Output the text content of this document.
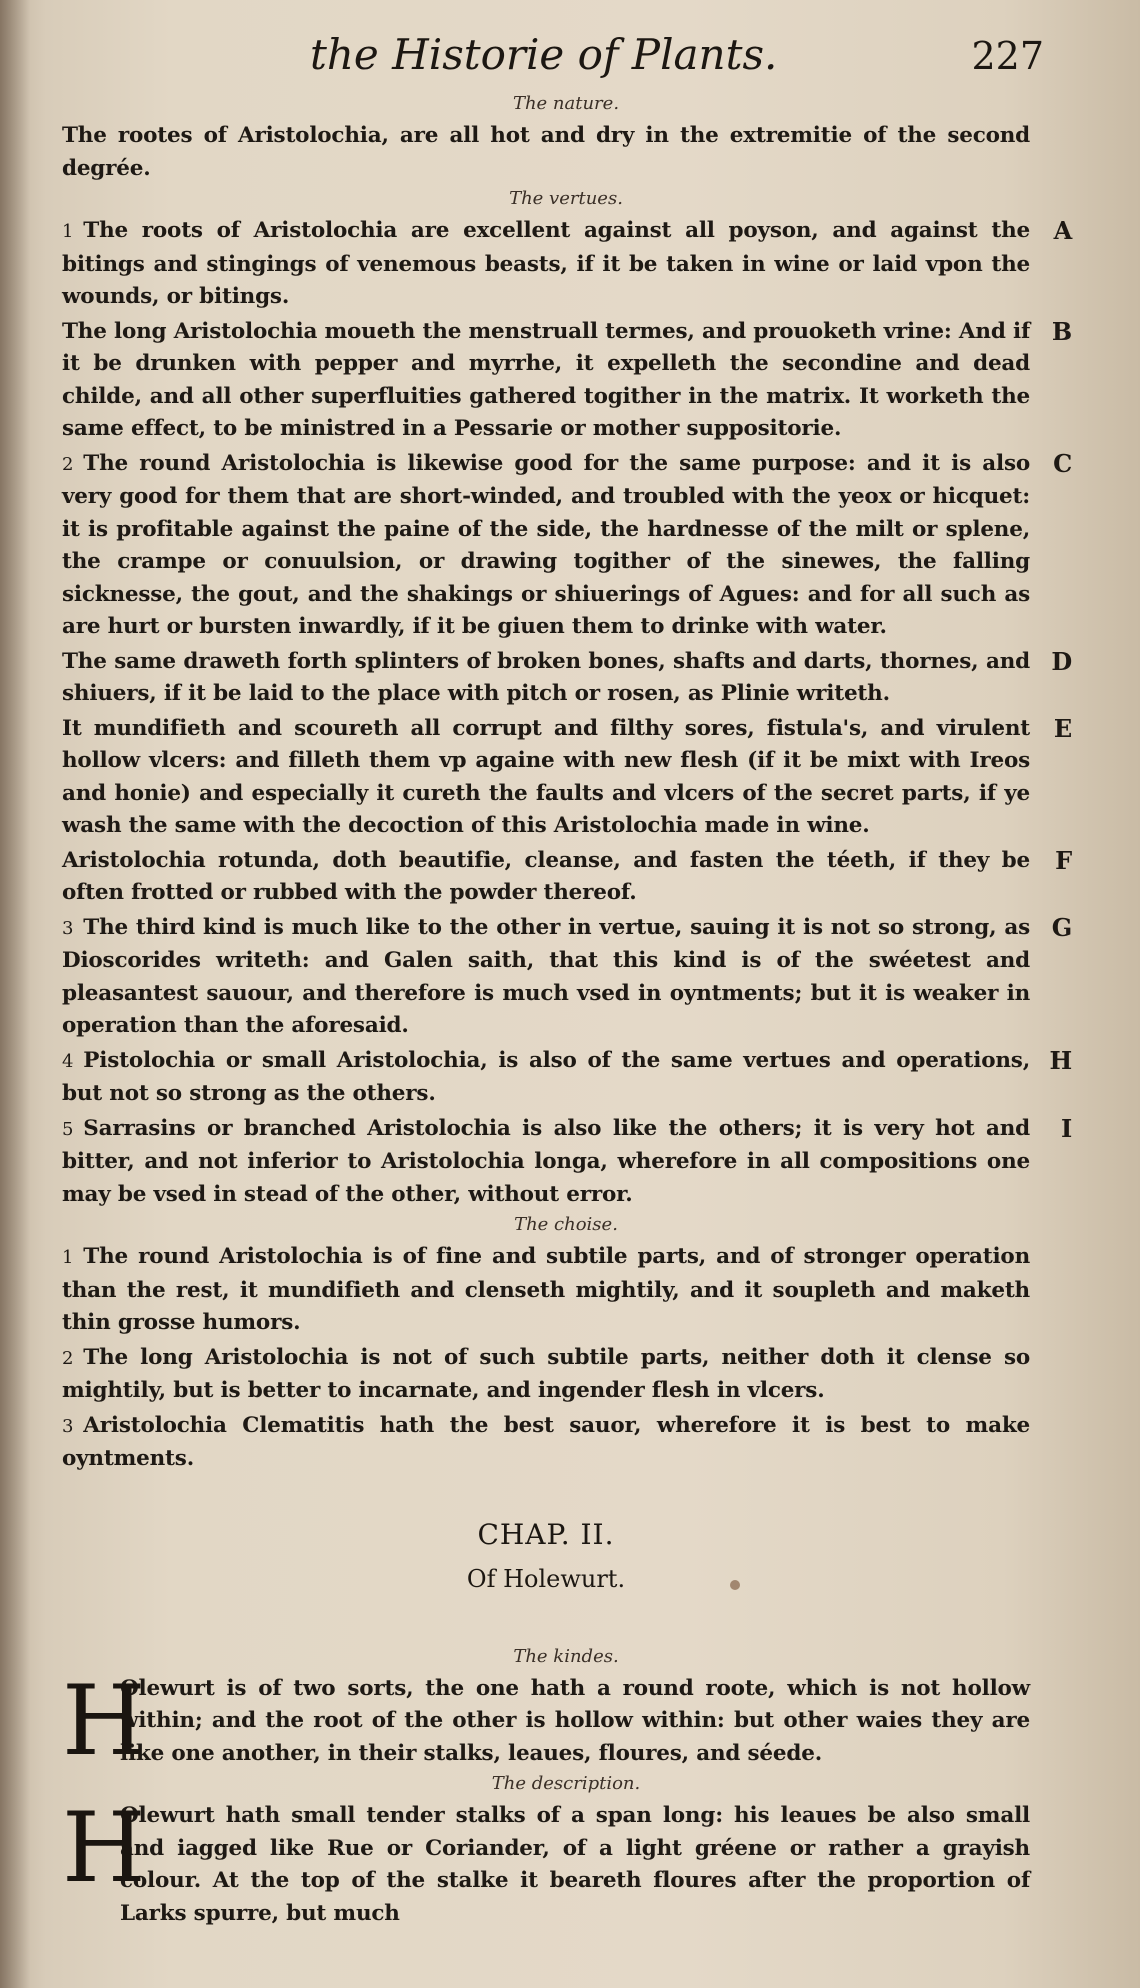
the Historie of Plants.	227
The nature.

The rootes of Aristolochia, are all hot and dry in the extremitie of the second degrée.

The vertues.

1 The roots of Aristolochia are excellent against all poyson, and against the bitings and stingings of venemous beasts, if it be taken in wine or laid vpon the wounds, or bitings.
A

The long Aristolochia moueth the menstruall termes, and prouoketh vrine: And if it be drunken with pepper and myrrhe, it expelleth the secondine and dead childe, and all other superfluities gathered togither in the matrix. It worketh the same effect, to be ministred in a Pessarie or mother suppositorie.
B

2 The round Aristolochia is likewise good for the same purpose: and it is also very good for them that are short-winded, and troubled with the yeox or hicquet: it is profitable against the paine of the side, the hardnesse of the milt or splene, the crampe or conuulsion, or drawing togither of the sinewes, the falling sicknesse, the gout, and the shakings or shiuerings of Agues: and for all such as are hurt or bursten inwardly, if it be giuen them to drinke with water.
C

The same draweth forth splinters of broken bones, shafts and darts, thornes, and shiuers, if it be laid to the place with pitch or rosen, as Plinie writeth.
D

It mundifieth and scoureth all corrupt and filthy sores, fistula's, and virulent hollow vlcers: and filleth them vp againe with new flesh (if it be mixt with Ireos and honie) and especially it cureth the faults and vlcers of the secret parts, if ye wash the same with the decoction of this Aristolochia made in wine.
E

Aristolochia rotunda, doth beautifie, cleanse, and fasten the téeth, if they be often frotted or rubbed with the powder thereof.
F

3 The third kind is much like to the other in vertue, sauing it is not so strong, as Dioscorides writeth: and Galen saith, that this kind is of the swéetest and pleasantest sauour, and therefore is much vsed in oyntments; but it is weaker in operation than the aforesaid.
G

4 Pistolochia or small Aristolochia, is also of the same vertues and operations, but not so strong as the others.
H

5 Sarrasins or branched Aristolochia is also like the others; it is very hot and bitter, and not inferior to Aristolochia longa, wherefore in all compositions one may be vsed in stead of the other, without error.
I

The choise.

1 The round Aristolochia is of fine and subtile parts, and of stronger operation than the rest, it mundifieth and clenseth mightily, and it soupleth and maketh thin grosse humors.

2 The long Aristolochia is not of such subtile parts, neither doth it clense so mightily, but is better to incarnate, and ingender flesh in vlcers.

3 Aristolochia Clematitis hath the best sauor, wherefore it is best to make oyntments.

CHAP. II.
Of Holewurt.
The kindes.

H
Olewurt is of two sorts, the one hath a round roote, which is not hollow within; and the root of the other is hollow within: but other waies they are like one another, in their stalks, leaues, floures, and séede.

The description.

H
Olewurt hath small tender stalks of a span long: his leaues be also small and iagged like Rue or Coriander, of a light gréene or rather a grayish colour. At the top of the stalke it beareth floures after the proportion of Larks spurre, but much
